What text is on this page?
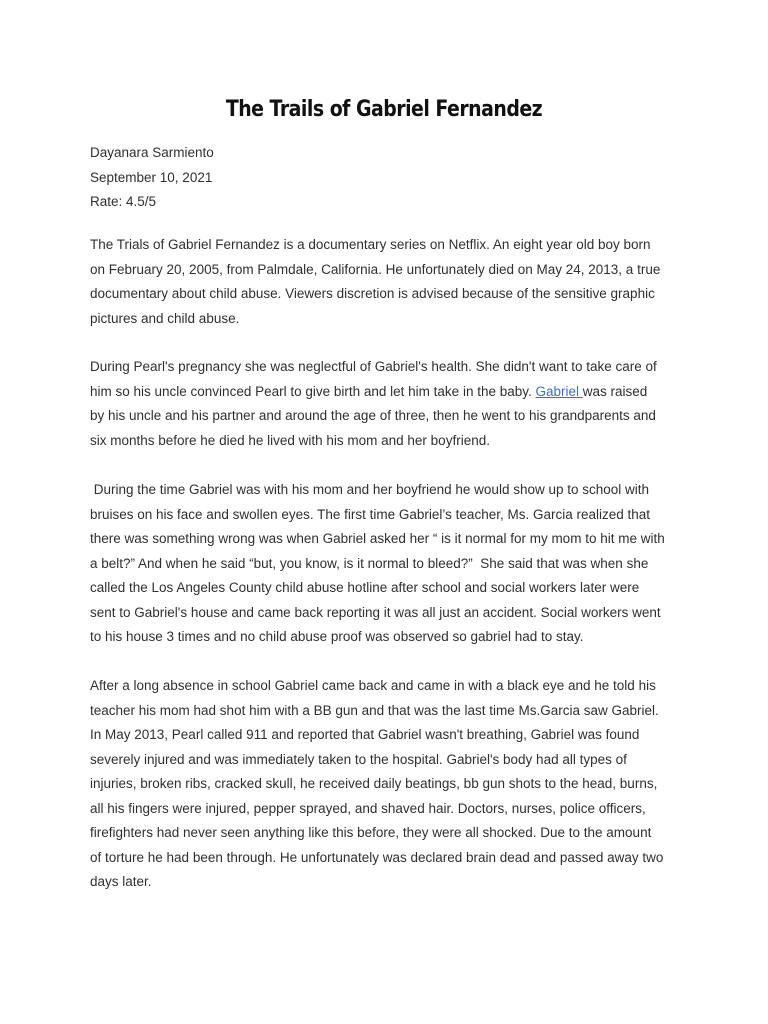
The Trails of Gabriel Fernandez
Dayanara Sarmiento
September 10, 2021
Rate: 4.5/5
The Trials of Gabriel Fernandez is a documentary series on Netflix. An eight year old boy born
on February 20, 2005, from Palmdale, California. He unfortunately died on May 24, 2013, a true
documentary about child abuse. Viewers discretion is advised because of the sensitive graphic
pictures and child abuse.
During Pearl's pregnancy she was neglectful of Gabriel's health. She didn't want to take care of
him so his uncle convinced Pearl to give birth and let him take in the baby. Gabriel was raised
by his uncle and his partner and around the age of three, then he went to his grandparents and
six months before he died he lived with his mom and her boyfriend.
During the time Gabriel was with his mom and her boyfriend he would show up to school with
bruises on his face and swollen eyes. The first time Gabriel’s teacher, Ms. Garcia realized that
there was something wrong was when Gabriel asked her “ is it normal for my mom to hit me with
a belt?” And when he said “but, you know, is it normal to bleed?”  She said that was when she
called the Los Angeles County child abuse hotline after school and social workers later were
sent to Gabriel's house and came back reporting it was all just an accident. Social workers went
to his house 3 times and no child abuse proof was observed so gabriel had to stay.
After a long absence in school Gabriel came back and came in with a black eye and he told his
teacher his mom had shot him with a BB gun and that was the last time Ms.Garcia saw Gabriel.
In May 2013, Pearl called 911 and reported that Gabriel wasn't breathing, Gabriel was found
severely injured and was immediately taken to the hospital. Gabriel's body had all types of
injuries, broken ribs, cracked skull, he received daily beatings, bb gun shots to the head, burns,
all his fingers were injured, pepper sprayed, and shaved hair. Doctors, nurses, police officers,
firefighters had never seen anything like this before, they were all shocked. Due to the amount
of torture he had been through. He unfortunately was declared brain dead and passed away two
days later.
